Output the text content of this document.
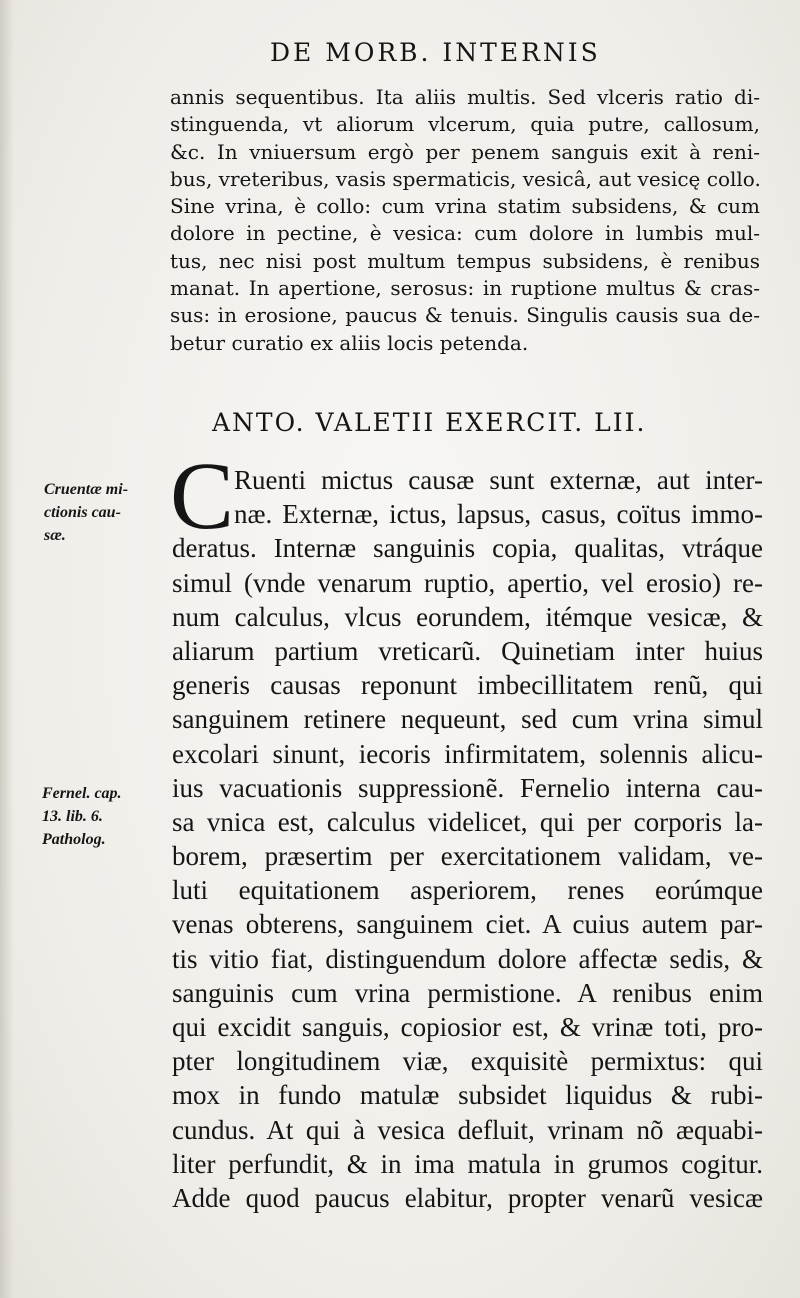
DE MORB. INTERNIS
annis sequentibus. Ita aliis multis. Sed vlceris ratio di-
stinguenda, vt aliorum vlcerum, quia putre, callosum,
&c. In vniuersum ergò per penem sanguis exit à reni-
bus, vreteribus, vasis spermaticis, vesicâ, aut vesicę collo.
Sine vrina, è collo: cum vrina statim subsidens, & cum
dolore in pectine, è vesica: cum dolore in lumbis mul-
tus, nec nisi post multum tempus subsidens, è renibus
manat. In apertione, serosus: in ruptione multus & cras-
sus: in erosione, paucus & tenuis. Singulis causis sua de-
betur curatio ex aliis locis petenda.
ANTO. VALETII EXERCIT. LII.
C Ruenti mictus causæ sunt externæ, aut inter-
næ. Externæ, ictus, lapsus, casus, coïtus immo-
deratus. Internæ sanguinis copia, qualitas, vtráque
simul (vnde venarum ruptio, apertio, vel erosio) re-
num calculus, vlcus eorundem, itémque vesicæ, &
aliarum partium vreticarũ. Quinetiam inter huius
generis causas reponunt imbecillitatem renũ, qui
sanguinem retinere nequeunt, sed cum vrina simul
excolari sinunt, iecoris infirmitatem, solennis alicu-
ius vacuationis suppressionẽ. Fernelio interna cau-
sa vnica est, calculus videlicet, qui per corporis la-
borem, præsertim per exercitationem validam, ve-
luti equitationem asperiorem, renes eorúmque
venas obterens, sanguinem ciet. A cuius autem par-
tis vitio fiat, distinguendum dolore affectæ sedis, &
sanguinis cum vrina permistione. A renibus enim
qui excidit sanguis, copiosior est, & vrinæ toti, pro-
pter longitudinem viæ, exquisitè permixtus: qui
mox in fundo matulæ subsidet liquidus & rubi-
cundus. At qui à vesica defluit, vrinam nõ æquabi-
liter perfundit, & in ima matula in grumos cogitur.
Adde quod paucus elabitur, propter venarũ vesicæ
Cruentæ mi-
ctionis cau-
sæ.
Fernel. cap.
13. lib. 6.
Patholog.
